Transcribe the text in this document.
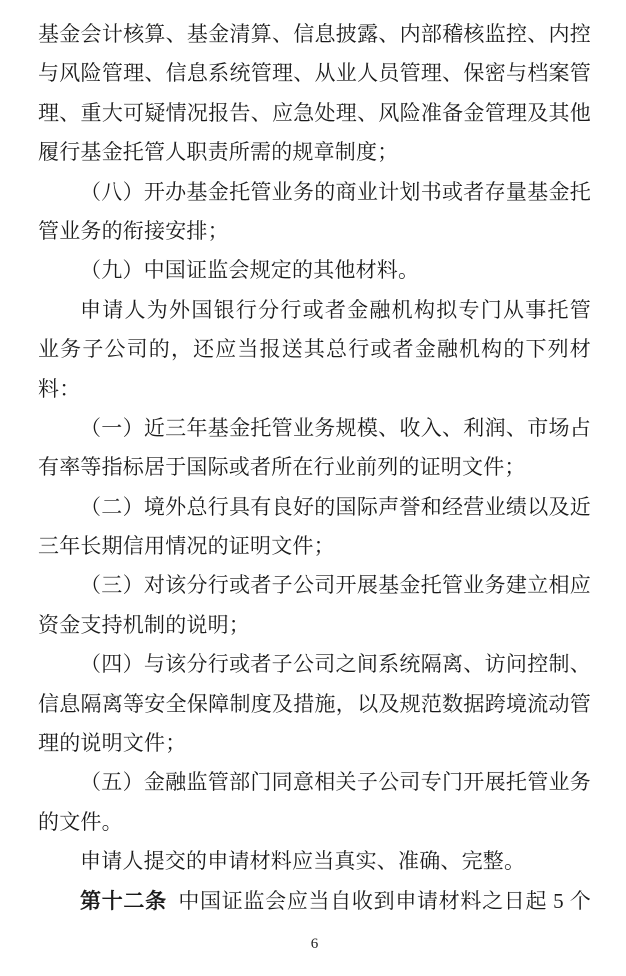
基金会计核算、基金清算、信息披露、内部稽核监控、内控
与风险管理、信息系统管理、从业人员管理、保密与档案管
理、重大可疑情况报告、应急处理、风险准备金管理及其他
履行基金托管人职责所需的规章制度；
（八）开办基金托管业务的商业计划书或者存量基金托
管业务的衔接安排；
（九）中国证监会规定的其他材料。
申请人为外国银行分行或者金融机构拟专门从事托管
业务子公司的，还应当报送其总行或者金融机构的下列材
料：
（一）近三年基金托管业务规模、收入、利润、市场占
有率等指标居于国际或者所在行业前列的证明文件；
（二）境外总行具有良好的国际声誉和经营业绩以及近
三年长期信用情况的证明文件；
（三）对该分行或者子公司开展基金托管业务建立相应
资金支持机制的说明；
（四）与该分行或者子公司之间系统隔离、访问控制、
信息隔离等安全保障制度及措施，以及规范数据跨境流动管
理的说明文件；
（五）金融监管部门同意相关子公司专门开展托管业务
的文件。
申请人提交的申请材料应当真实、准确、完整。
第十二条 中国证监会应当自收到申请材料之日起 5 个
6
